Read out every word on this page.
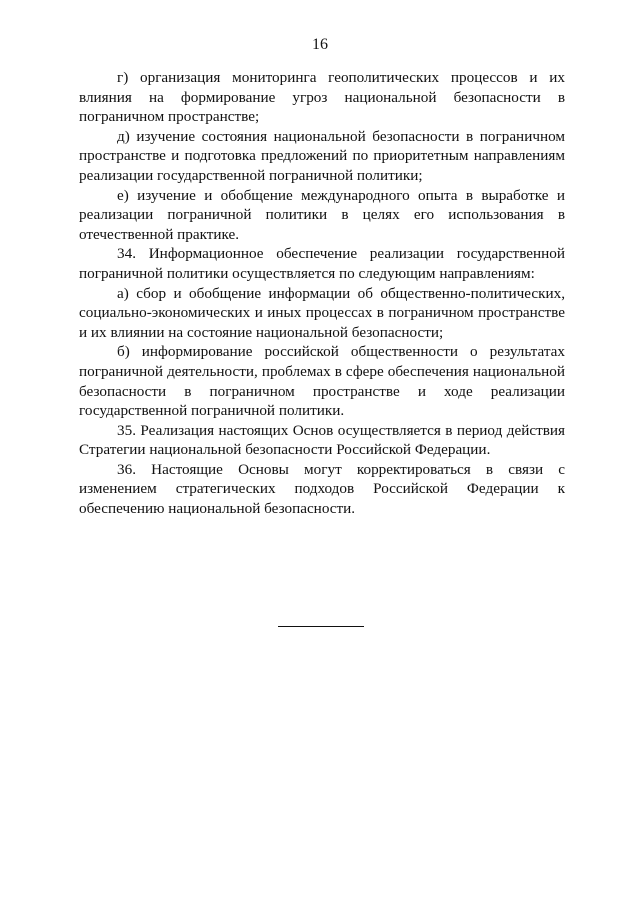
16

г) организация мониторинга геополитических процессов и их влияния на формирование угроз национальной безопасности в пограничном пространстве;

д) изучение состояния национальной безопасности в пограничном пространстве и подготовка предложений по приоритетным направлениям реализации государственной пограничной политики;

е) изучение и обобщение международного опыта в выработке и реализации пограничной политики в целях его использования в отечественной практике.

34. Информационное обеспечение реализации государственной пограничной политики осуществляется по следующим направлениям:

а) сбор и обобщение информации об общественно-политических, социально-экономических и иных процессах в пограничном пространстве и их влиянии на состояние национальной безопасности;

б) информирование российской общественности о результатах пограничной деятельности, проблемах в сфере обеспечения национальной безопасности в пограничном пространстве и ходе реализации государственной пограничной политики.

35. Реализация настоящих Основ осуществляется в период действия Стратегии национальной безопасности Российской Федерации.

36. Настоящие Основы могут корректироваться в связи с изменением стратегических подходов Российской Федерации к обеспечению национальной безопасности.
